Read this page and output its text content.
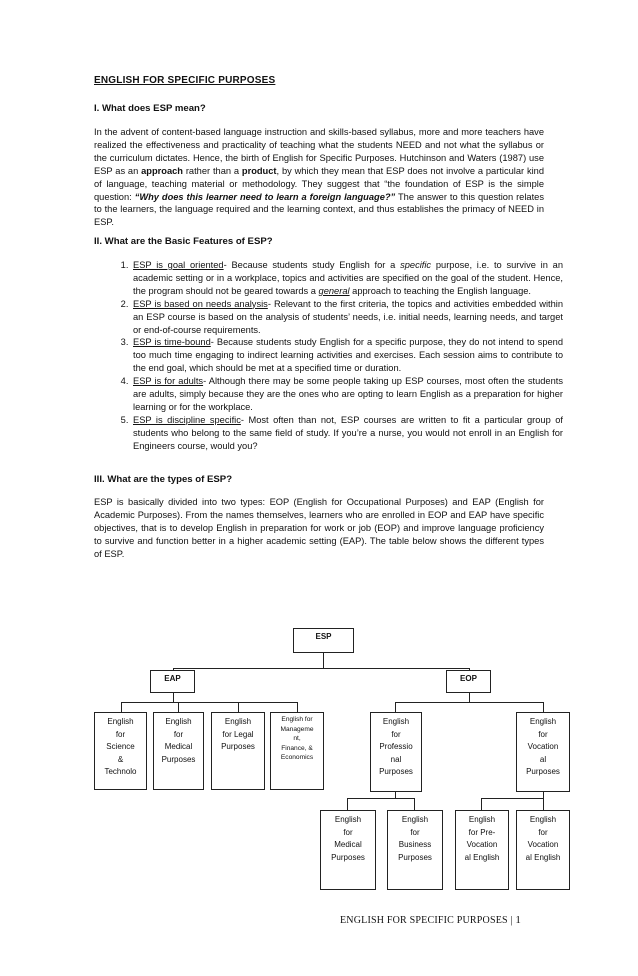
ENGLISH FOR SPECIFIC PURPOSES
I. What does ESP mean?
In the advent of content-based language instruction and skills-based syllabus, more and more teachers have realized the effectiveness and practicality of teaching what the students NEED and not what the syllabus or the curriculum dictates. Hence, the birth of English for Specific Purposes. Hutchinson and Waters (1987) use ESP as an approach rather than a product, by which they mean that ESP does not involve a particular kind of language, teaching material or methodology. They suggest that “the foundation of ESP is the simple question: “Why does this learner need to learn a foreign language?” The answer to this question relates to the learners, the language required and the learning context, and thus establishes the primacy of NEED in ESP.
II. What are the Basic Features of ESP?
1. ESP is goal oriented- Because students study English for a specific purpose, i.e. to survive in an academic setting or in a workplace, topics and activities are specified on the goal of the student. Hence, the program should not be geared towards a general approach to teaching the English language.
2. ESP is based on needs analysis- Relevant to the first criteria, the topics and activities embedded within an ESP course is based on the analysis of students’ needs, i.e. initial needs, learning needs, and target or end-of-course requirements.
3. ESP is time-bound- Because students study English for a specific purpose, they do not intend to spend too much time engaging to indirect learning activities and exercises. Each session aims to contribute to the end goal, which should be met at a specified time or duration.
4. ESP is for adults- Although there may be some people taking up ESP courses, most often the students are adults, simply because they are the ones who are opting to learn English as a preparation for higher learning or for the workplace.
5. ESP is discipline specific- Most often than not, ESP courses are written to fit a particular group of students who belong to the same field of study. If you’re a nurse, you would not enroll in an English for Engineers course, would you?
III. What are the types of ESP?
ESP is basically divided into two types: EOP (English for Occupational Purposes) and EAP (English for Academic Purposes). From the names themselves, learners who are enrolled in EOP and EAP have specific objectives, that is to develop English in preparation for work or job (EOP) and improve language proficiency to survive and function better in a higher academic setting (EAP). The table below shows the different types of ESP.
ESP
EAP	EOP
English
for
Science
&
Technolo
English
for
Medical
Purposes
English
for Legal
Purposes
English for
Manageme
nt,
Finance, &
Economics
English
for
Professio
nal
Purposes
English
for
Vocation
al
Purposes
English
for
Medical
Purposes
English
for
Business
Purposes
English
for Pre-
Vocation
al English
English
for
Vocation
al English
ENGLISH FOR SPECIFIC PURPOSES | 1
